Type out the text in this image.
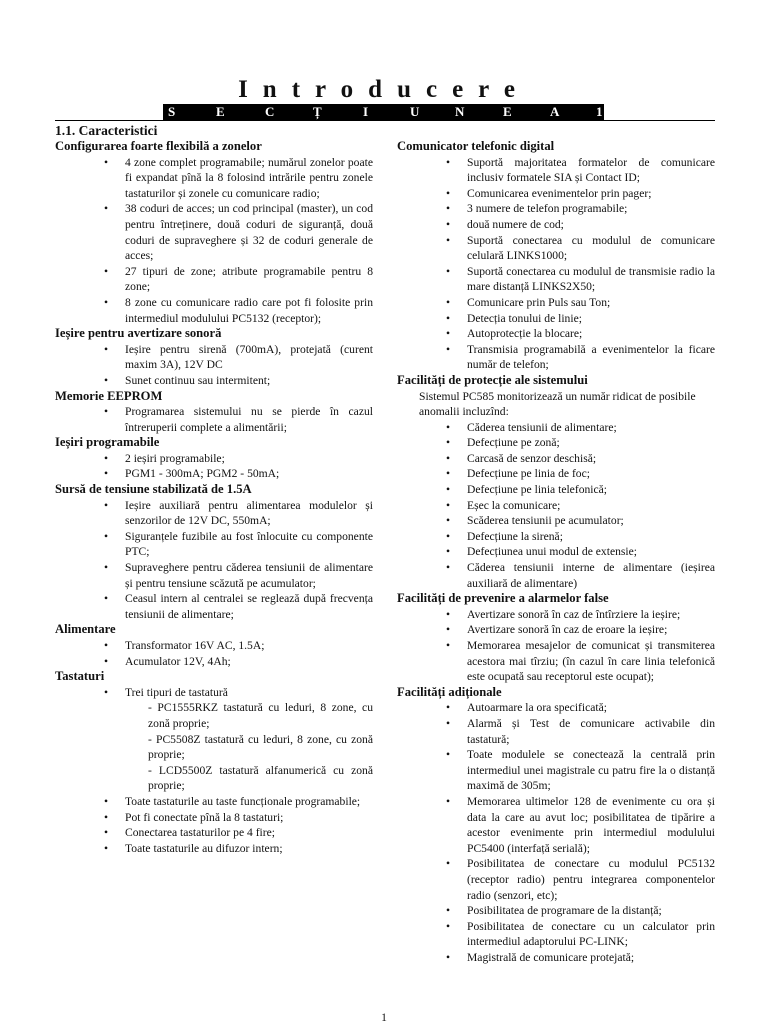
Introducere
S	E	C	Ț	I	U	N	E	A	1
1.1. Caracteristici
Configurarea foarte flexibilă a zonelor
• 4 zone complet programabile; numărul zonelor poate fi expandat pînă la 8 folosind intrările pentru zonele tastaturilor și zonele cu comunicare radio;
• 38 coduri de acces; un cod principal (master), un cod pentru întreținere, două coduri de siguranță, două coduri de supraveghere și 32 de coduri generale de acces;
• 27 tipuri de zone; atribute programabile pentru 8 zone;
• 8 zone cu comunicare radio care pot fi folosite prin intermediul modulului PC5132 (receptor);
Ieșire pentru avertizare sonoră
• Ieșire pentru sirenă (700mA), protejată (curent maxim 3A), 12V DC
• Sunet continuu sau intermitent;
Memorie EEPROM
• Programarea sistemului nu se pierde în cazul întreruperii complete a alimentării;
Ieșiri programabile
• 2 ieșiri programabile;
• PGM1 - 300mA; PGM2 - 50mA;
Sursă de tensiune stabilizată de 1.5A
• Ieșire auxiliară pentru alimentarea modulelor și senzorilor de 12V DC, 550mA;
• Siguranțele fuzibile au fost înlocuite cu componente PTC;
• Supraveghere pentru căderea tensiunii de alimentare și pentru tensiune scăzută pe acumulator;
• Ceasul intern al centralei se reglează după frecvența tensiunii de alimentare;
Alimentare
• Transformator 16V AC, 1.5A;
• Acumulator 12V, 4Ah;
Tastaturi
• Trei tipuri de tastatură
- PC1555RKZ tastatură cu leduri, 8 zone, cu zonă proprie;
- PC5508Z tastatură cu leduri, 8 zone, cu zonă proprie;
- LCD5500Z tastatură alfanumerică cu zonă proprie;
• Toate tastaturile au taste funcționale programabile;
• Pot fi conectate pînă la 8 tastaturi;
• Conectarea tastaturilor pe 4 fire;
• Toate tastaturile au difuzor intern;
Comunicator telefonic digital
• Suportă majoritatea formatelor de comunicare inclusiv formatele SIA și Contact ID;
• Comunicarea evenimentelor prin pager;
• 3 numere de telefon programabile;
• două numere de cod;
• Suportă conectarea cu modulul de comunicare celulară LINKS1000;
• Suportă conectarea cu modulul de transmisie radio la mare distanță LINKS2X50;
• Comunicare prin Puls sau Ton;
• Detecția tonului de linie;
• Autoprotecție la blocare;
• Transmisia programabilă a evenimentelor la ficare număr de telefon;
Facilități de protecție ale sistemului

Sistemul PC585 monitorizează un număr ridicat de posibile anomalii incluzînd:

• Căderea tensiunii de alimentare;
• Defecțiune pe zonă;
• Carcasă de senzor deschisă;
• Defecțiune pe linia de foc;
• Defecțiune pe linia telefonică;
• Eșec la comunicare;
• Scăderea tensiunii pe acumulator;
• Defecțiune la sirenă;
• Defecțiunea unui modul de extensie;
• Căderea tensiunii interne de alimentare (ieșirea auxiliară de alimentare)
Facilități de prevenire a alarmelor false
• Avertizare sonoră în caz de întîrziere la ieșire;
• Avertizare sonoră în caz de eroare la ieșire;
• Memorarea mesajelor de comunicat și transmiterea acestora mai tîrziu; (în cazul în care linia telefonică este ocupată sau receptorul este ocupat);
Facilități adiționale
• Autoarmare la ora specificată;
• Alarmă și Test de comunicare activabile din tastatură;
• Toate modulele se conectează la centrală prin intermediul unei magistrale cu patru fire la o distanță maximă de 305m;
• Memorarea ultimelor 128 de evenimente cu ora și data la care au avut loc; posibilitatea de tipărire a acestor evenimente prin intermediul modulului PC5400 (interfață serială);
• Posibilitatea de conectare cu modulul PC5132 (receptor radio) pentru integrarea componentelor radio (senzori, etc);
• Posibilitatea de programare de la distanță;
• Posibilitatea de conectare cu un calculator prin intermediul adaptorului PC-LINK;
• Magistrală de comunicare protejată;
1
